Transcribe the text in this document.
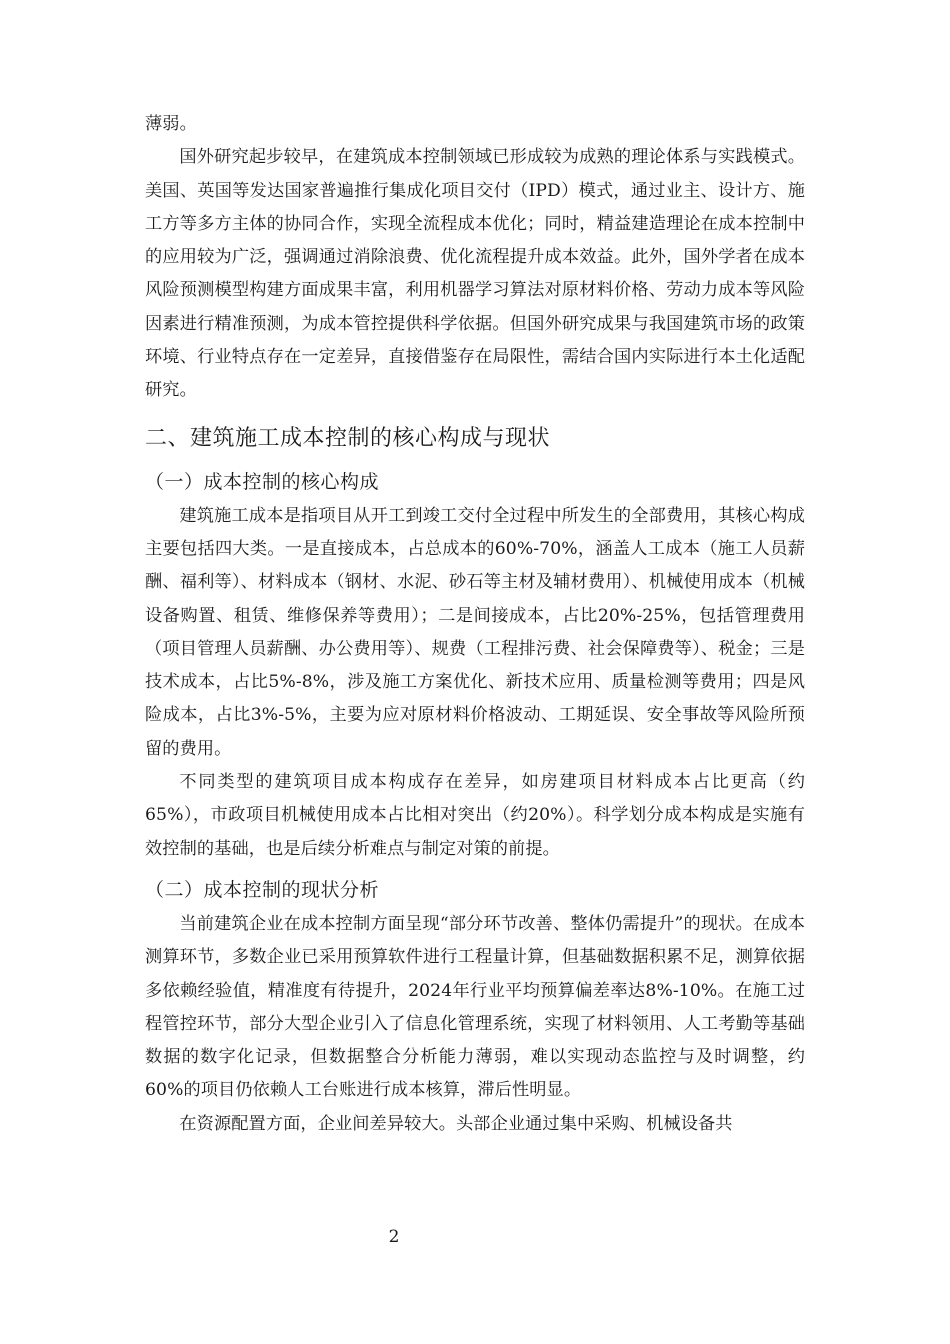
薄弱。

国外研究起步较早，在建筑成本控制领域已形成较为成熟的理论体系与实践模式。美国、英国等发达国家普遍推行集成化项目交付（IPD）模式，通过业主、设计方、施工方等多方主体的协同合作，实现全流程成本优化；同时，精益建造理论在成本控制中的应用较为广泛，强调通过消除浪费、优化流程提升成本效益。此外，国外学者在成本风险预测模型构建方面成果丰富，利用机器学习算法对原材料价格、劳动力成本等风险因素进行精准预测，为成本管控提供科学依据。但国外研究成果与我国建筑市场的政策环境、行业特点存在一定差异，直接借鉴存在局限性，需结合国内实际进行本土化适配研究。

二、建筑施工成本控制的核心构成与现状
（一）成本控制的核心构成

建筑施工成本是指项目从开工到竣工交付全过程中所发生的全部费用，其核心构成主要包括四大类。一是直接成本，占总成本的60%-70%，涵盖人工成本（施工人员薪酬、福利等）、材料成本（钢材、水泥、砂石等主材及辅材费用）、机械使用成本（机械设备购置、租赁、维修保养等费用）；二是间接成本，占比20%-25%，包括管理费用（项目管理人员薪酬、办公费用等）、规费（工程排污费、社会保障费等）、税金；三是技术成本，占比5%-8%，涉及施工方案优化、新技术应用、质量检测等费用；四是风险成本，占比3%-5%，主要为应对原材料价格波动、工期延误、安全事故等风险所预留的费用。

不同类型的建筑项目成本构成存在差异，如房建项目材料成本占比更高（约65%），市政项目机械使用成本占比相对突出（约20%）。科学划分成本构成是实施有效控制的基础，也是后续分析难点与制定对策的前提。

（二）成本控制的现状分析

当前建筑企业在成本控制方面呈现“部分环节改善、整体仍需提升”的现状。在成本测算环节，多数企业已采用预算软件进行工程量计算，但基础数据积累不足，测算依据多依赖经验值，精准度有待提升，2024年行业平均预算偏差率达8%-10%。在施工过程管控环节，部分大型企业引入了信息化管理系统，实现了材料领用、人工考勤等基础数据的数字化记录，但数据整合分析能力薄弱，难以实现动态监控与及时调整，约60%的项目仍依赖人工台账进行成本核算，滞后性明显。

在资源配置方面，企业间差异较大。头部企业通过集中采购、机械设备共

2
